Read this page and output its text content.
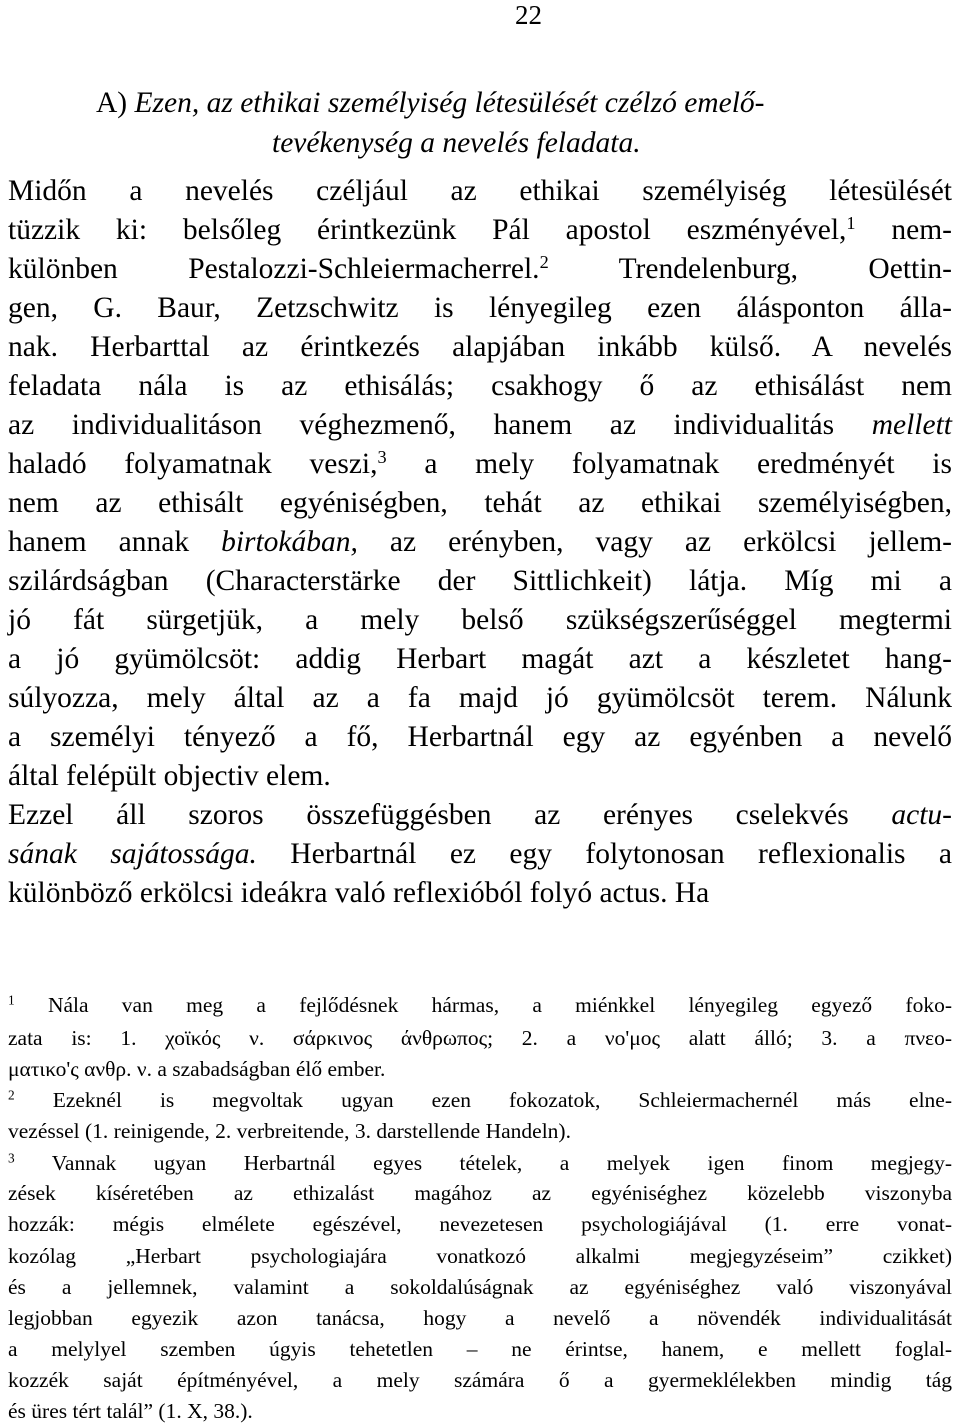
22
A) Ezen, az ethikai személyiség létesülését czélzó emelő-
tevékenység a nevelés feladata.
Midőn a nevelés czéljául az ethikai személyiség létesülését
tüzzik ki: belsőleg érintkezünk Pál apostol eszményével,$^1$ nem-
különben Pestalozzi-Schleiermacherrel.$^2$ Trendelenburg, Oettin-
gen, G. Baur, Zetzschwitz is lényegileg ezen álásponton álla-
nak. Herbarttal az érintkezés alapjában inkább külső. A nevelés
feladata nála is az ethisálás; csakhogy ő az ethisálást nem
az individualitáson véghezmenő, hanem az individualitás mellett
haladó folyamatnak veszi,$^3$ a mely folyamatnak eredményét is
nem az ethisált egyéniségben, tehát az ethikai személyiségben,
hanem annak birtokában, az erényben, vagy az erkölcsi jellem-
szilárdságban (Characterstärke der Sittlichkeit) látja. Míg mi a
jó fát sürgetjük, a mely belső szükségszerűséggel megtermi
a jó gyümölcsöt: addig Herbart magát azt a készletet hang-
súlyozza, mely által az a fa majd jó gyümölcsöt terem. Nálunk
a személyi tényező a fő, Herbartnál egy az egyénben a nevelő
által felépült objectiv elem.
Ezzel áll szoros összefüggésben az erényes cselekvés actu-
sának sajátossága. Herbartnál ez egy folytonosan reflexionalis a
különböző erkölcsi ideákra való reflexióból folyó actus. Ha
$^1$ Nála van meg a fejlődésnek hármas, a miénkkel lényegileg egyező foko-
zata is: 1. χοϊκός ν. σάρκινος άνθρωπος; 2. a νο'μος alatt álló; 3. a πνεο-
ματικο'ς ανθρ. ν. a szabadságban élő ember.
$^2$ Ezeknél is megvoltak ugyan ezen fokozatok, Schleiermachernél más elne-
vezéssel (1. reinigende, 2. verbreitende, 3. darstellende Handeln).
$^3$ Vannak ugyan Herbartnál egyes tételek, a melyek igen finom megjegy-
zések kíséretében az ethizalást magához az egyéniséghez közelebb viszonyba
hozzák: mégis elmélete egészével, nevezetesen psychologiájával (1. erre vonat-
kozólag „Herbart psychologiajára vonatkozó alkalmi megjegyzéseim” czikket)
és a jellemnek, valamint a sokoldalúságnak az egyéniséghez való viszonyával
legjobban egyezik azon tanácsa, hogy a nevelő a növendék individualitását
a melylyel szemben úgyis tehetetlen – ne érintse, hanem, e mellett foglal-
kozzék saját építményével, a mely számára ő a gyermeklélekben mindig tág
és üres tért talál” (1. X, 38.).
